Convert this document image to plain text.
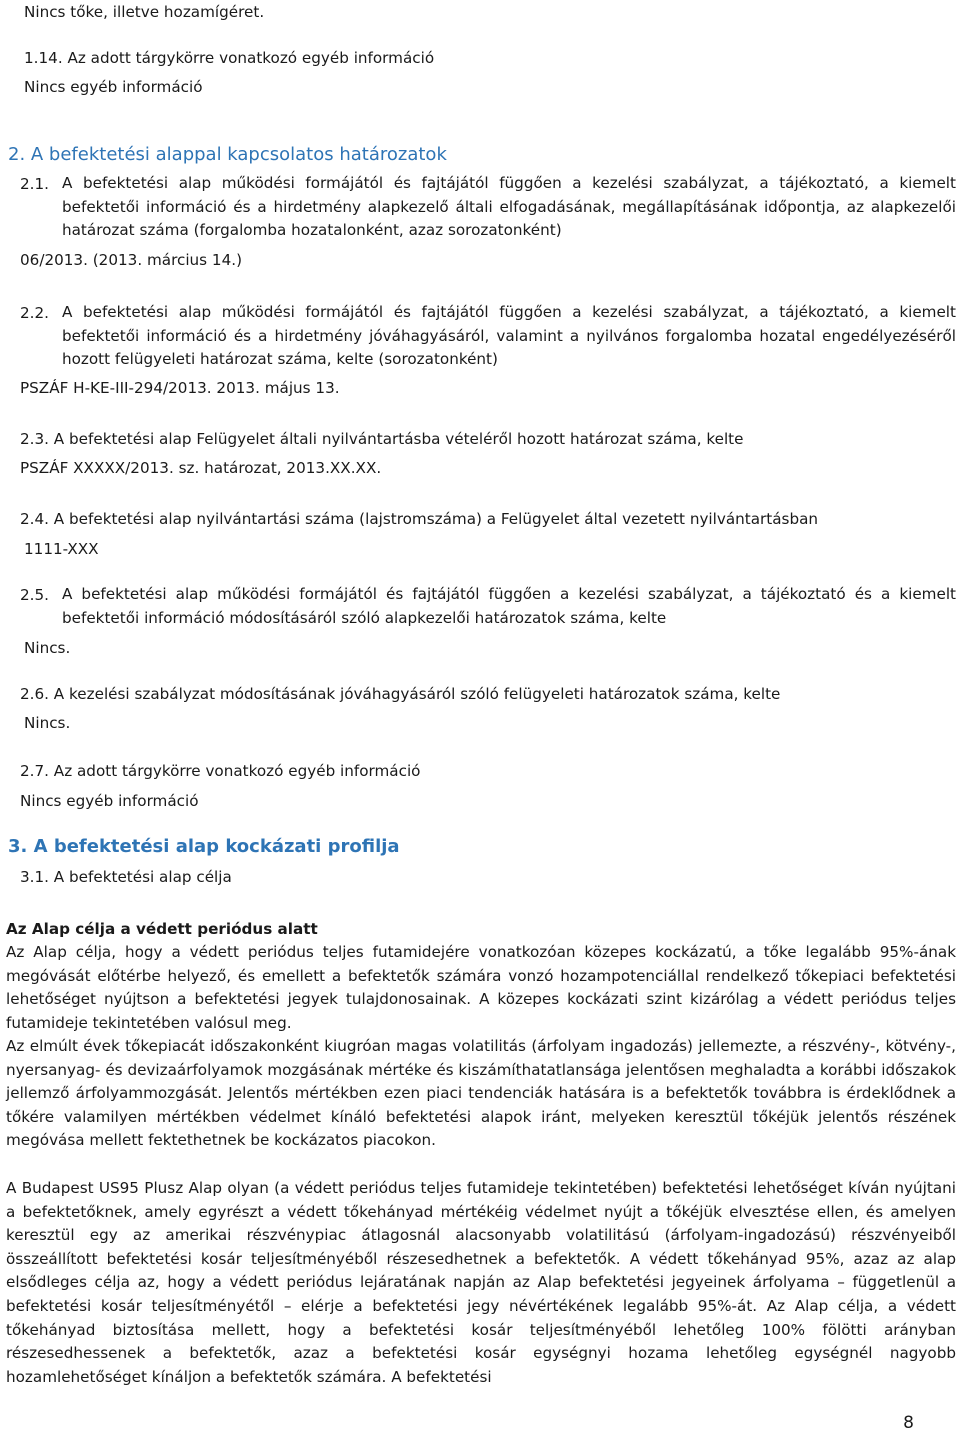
Nincs tőke, illetve hozamígéret.
1.14. Az adott tárgykörre vonatkozó egyéb információ
Nincs egyéb információ
2. A befektetési alappal kapcsolatos határozatok
2.1. A befektetési alap működési formájától és fajtájától függően a kezelési szabályzat, a tájékoztató, a kiemelt befektetői információ és a hirdetmény alapkezelő általi elfogadásának, megállapításának időpontja, az alapkezelői határozat száma (forgalomba hozatalonként, azaz sorozatonként)
06/2013. (2013. március 14.)
2.2. A befektetési alap működési formájától és fajtájától függően a kezelési szabályzat, a tájékoztató, a kiemelt befektetői információ és a hirdetmény jóváhagyásáról, valamint a nyilvános forgalomba hozatal engedélyezéséről hozott felügyeleti határozat száma, kelte (sorozatonként)
PSZÁF H-KE-III-294/2013. 2013. május 13.
2.3. A befektetési alap Felügyelet általi nyilvántartásba vételéről hozott határozat száma, kelte
PSZÁF XXXXX/2013. sz. határozat, 2013.XX.XX.
2.4. A befektetési alap nyilvántartási száma (lajstromszáma) a Felügyelet által vezetett nyilvántartásban
1111-XXX
2.5. A befektetési alap működési formájától és fajtájától függően a kezelési szabályzat, a tájékoztató és a kiemelt befektetői információ módosításáról szóló alapkezelői határozatok száma, kelte
Nincs.
2.6. A kezelési szabályzat módosításának jóváhagyásáról szóló felügyeleti határozatok száma, kelte
Nincs.
2.7. Az adott tárgykörre vonatkozó egyéb információ
Nincs egyéb információ
3. A befektetési alap kockázati profilja
3.1. A befektetési alap célja
Az Alap célja a védett periódus alatt
Az Alap célja, hogy a védett periódus teljes futamidejére vonatkozóan közepes kockázatú, a tőke legalább 95%-ának megóvását előtérbe helyező, és emellett a befektetők számára vonzó hozampotenciállal rendelkező tőkepiaci befektetési lehetőséget nyújtson a befektetési jegyek tulajdonosainak. A közepes kockázati szint kizárólag a védett periódus teljes futamideje tekintetében valósul meg.
Az elmúlt évek tőkepiacát időszakonként kiugróan magas volatilitás (árfolyam ingadozás) jellemezte, a részvény-, kötvény-, nyersanyag- és devizaárfolyamok mozgásának mértéke és kiszámíthatatlansága jelentősen meghaladta a korábbi időszakok jellemző árfolyammozgását. Jelentős mértékben ezen piaci tendenciák hatására is a befektetők továbbra is érdeklődnek a tőkére valamilyen mértékben védelmet kínáló befektetési alapok iránt, melyeken keresztül tőkéjük jelentős részének megóvása mellett fektethetnek be kockázatos piacokon.
A Budapest US95 Plusz Alap olyan (a védett periódus teljes futamideje tekintetében) befektetési lehetőséget kíván nyújtani a befektetőknek, amely egyrészt a védett tőkehányad mértékéig védelmet nyújt a tőkéjük elvesztése ellen, és amelyen keresztül egy az amerikai részvénypiac átlagosnál alacsonyabb volatilitású (árfolyam-ingadozású) részvényeiből összeállított befektetési kosár teljesítményéből részesedhetnek a befektetők. A védett tőkehányad 95%, azaz az alap elsődleges célja az, hogy a védett periódus lejáratának napján az Alap befektetési jegyeinek árfolyama – függetlenül a befektetési kosár teljesítményétől – elérje a befektetési jegy névértékének legalább 95%-át. Az Alap célja, a védett tőkehányad biztosítása mellett, hogy a befektetési kosár teljesítményéből lehetőleg 100% fölötti arányban részesedhessenek a befektetők, azaz a befektetési kosár egységnyi hozama lehetőleg egységnél nagyobb hozamlehetőséget kínáljon a befektetők számára. A befektetési
8
